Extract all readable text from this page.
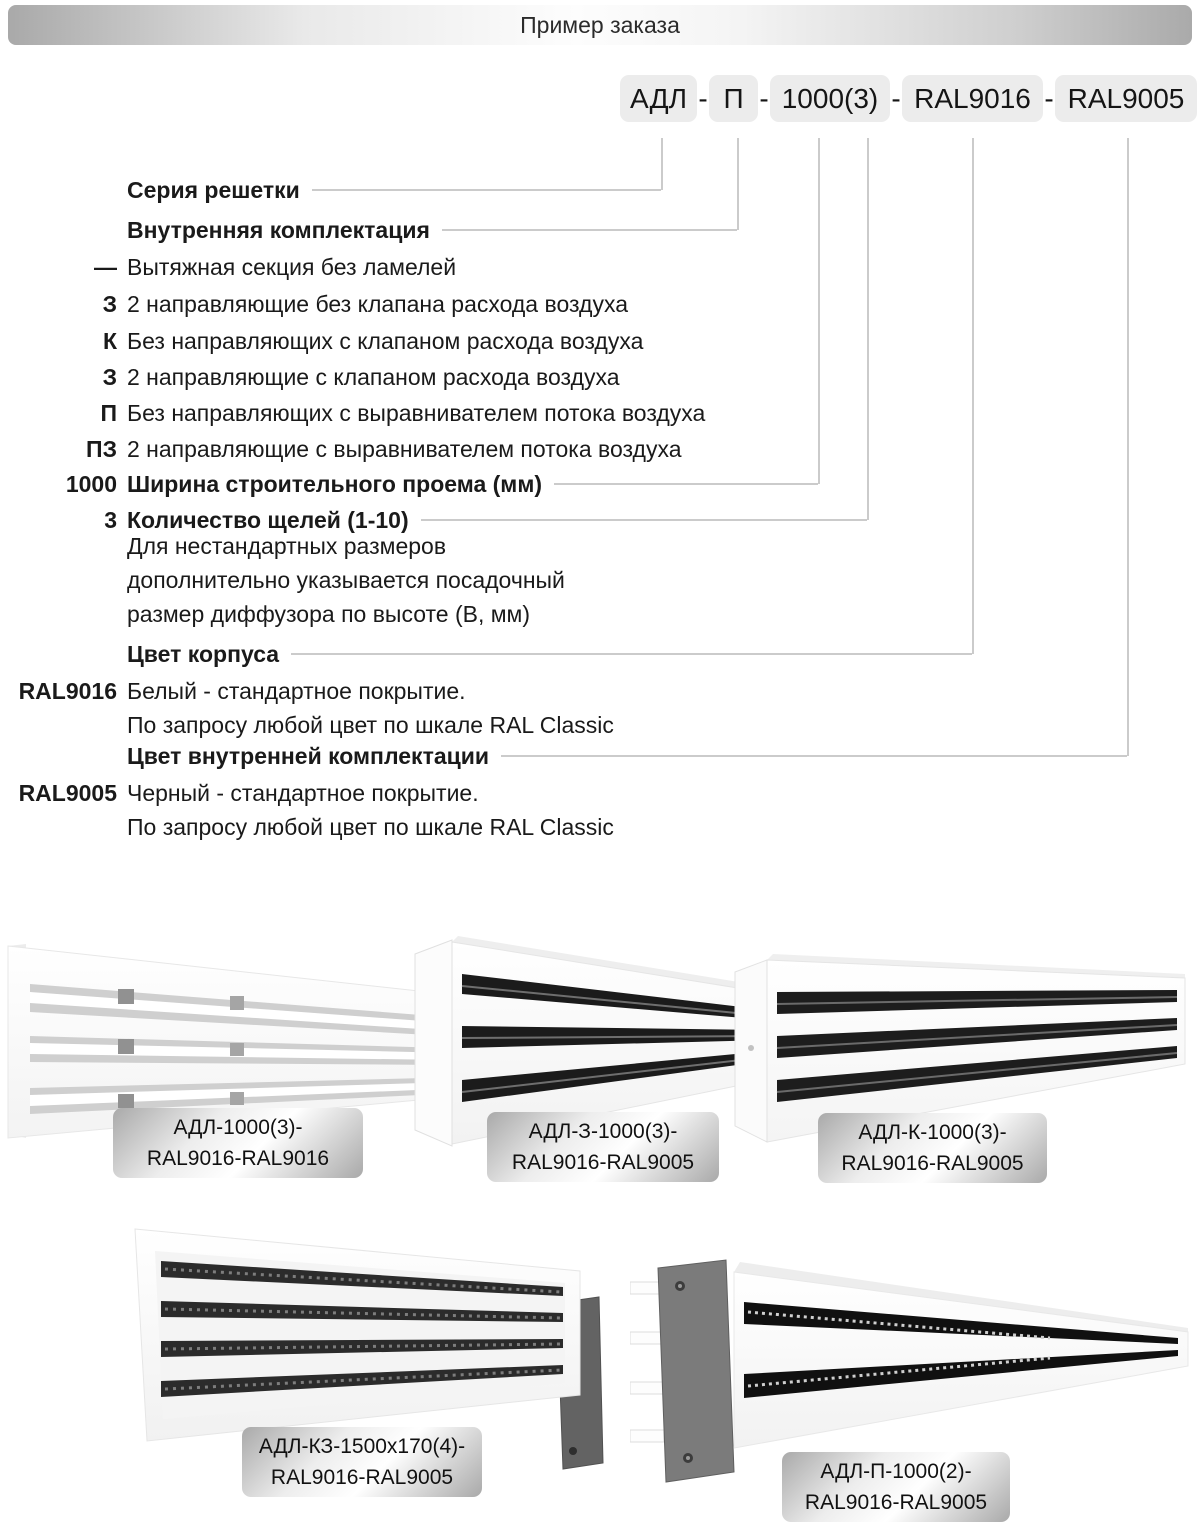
Пример заказа
АДЛ - П - 1000(3) - RAL9016 - RAL9005
Серия решетки
Внутренняя комплектация
— Вытяжная секция без ламелей
З 2 направляющие без клапана расхода воздуха
К Без направляющих с клапаном расхода воздуха
З 2 направляющие с клапаном расхода воздуха
П Без направляющих с выравнивателем потока воздуха
ПЗ 2 направляющие с выравнивателем потока воздуха
1000 Ширина строительного проема (мм)
3 Количество щелей (1-10)
Для нестандартных размеров
дополнительно указывается посадочный
размер диффузора по высоте (В, мм)
Цвет корпуса
RAL9016 Белый - стандартное покрытие.
По запросу любой цвет по шкале RAL Classic
Цвет внутренней комплектации
RAL9005 Черный - стандартное покрытие.
По запросу любой цвет по шкале RAL Classic
АДЛ-1000(3)-
RAL9016-RAL9016
АДЛ-З-1000(3)-
RAL9016-RAL9005
АДЛ-К-1000(3)-
RAL9016-RAL9005
АДЛ-КЗ-1500х170(4)-
RAL9016-RAL9005	АДЛ-П-1000(2)-
RAL9016-RAL9005
